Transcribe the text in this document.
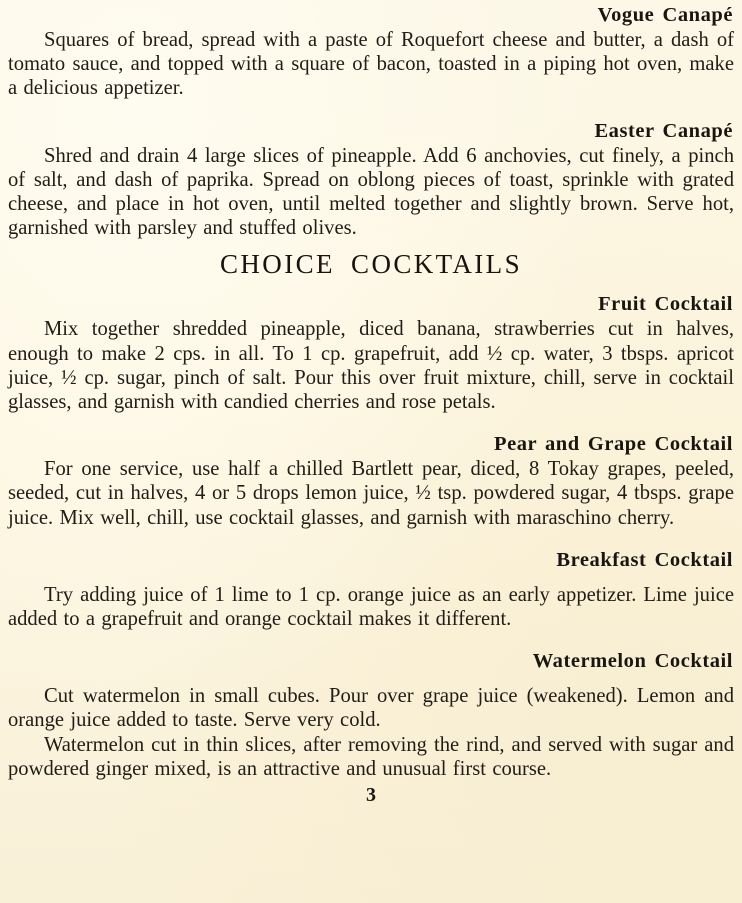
Vogue Canapé

Squares of bread, spread with a paste of Roquefort cheese and butter, a dash of tomato sauce, and topped with a square of bacon, toasted in a piping hot oven, make a delicious appetizer.

Easter Canapé

Shred and drain 4 large slices of pineapple. Add 6 anchovies, cut finely, a pinch of salt, and dash of paprika. Spread on oblong pieces of toast, sprinkle with grated cheese, and place in hot oven, until melted together and slightly brown. Serve hot, garnished with parsley and stuffed olives.

CHOICE COCKTAILS
Fruit Cocktail

Mix together shredded pineapple, diced banana, strawberries cut in halves, enough to make 2 cps. in all. To 1 cp. grapefruit, add ½ cp. water, 3 tbsps. apricot juice, ½ cp. sugar, pinch of salt. Pour this over fruit mixture, chill, serve in cocktail glasses, and garnish with candied cherries and rose petals.

Pear and Grape Cocktail

For one service, use half a chilled Bartlett pear, diced, 8 Tokay grapes, peeled, seeded, cut in halves, 4 or 5 drops lemon juice, ½ tsp. powdered sugar, 4 tbsps. grape juice. Mix well, chill, use cocktail glasses, and garnish with maraschino cherry.

Breakfast Cocktail

Try adding juice of 1 lime to 1 cp. orange juice as an early appetizer. Lime juice added to a grapefruit and orange cocktail makes it different.

Watermelon Cocktail

Cut watermelon in small cubes. Pour over grape juice (weakened). Lemon and orange juice added to taste. Serve very cold.

Watermelon cut in thin slices, after removing the rind, and served with sugar and powdered ginger mixed, is an attractive and unusual first course.

3
